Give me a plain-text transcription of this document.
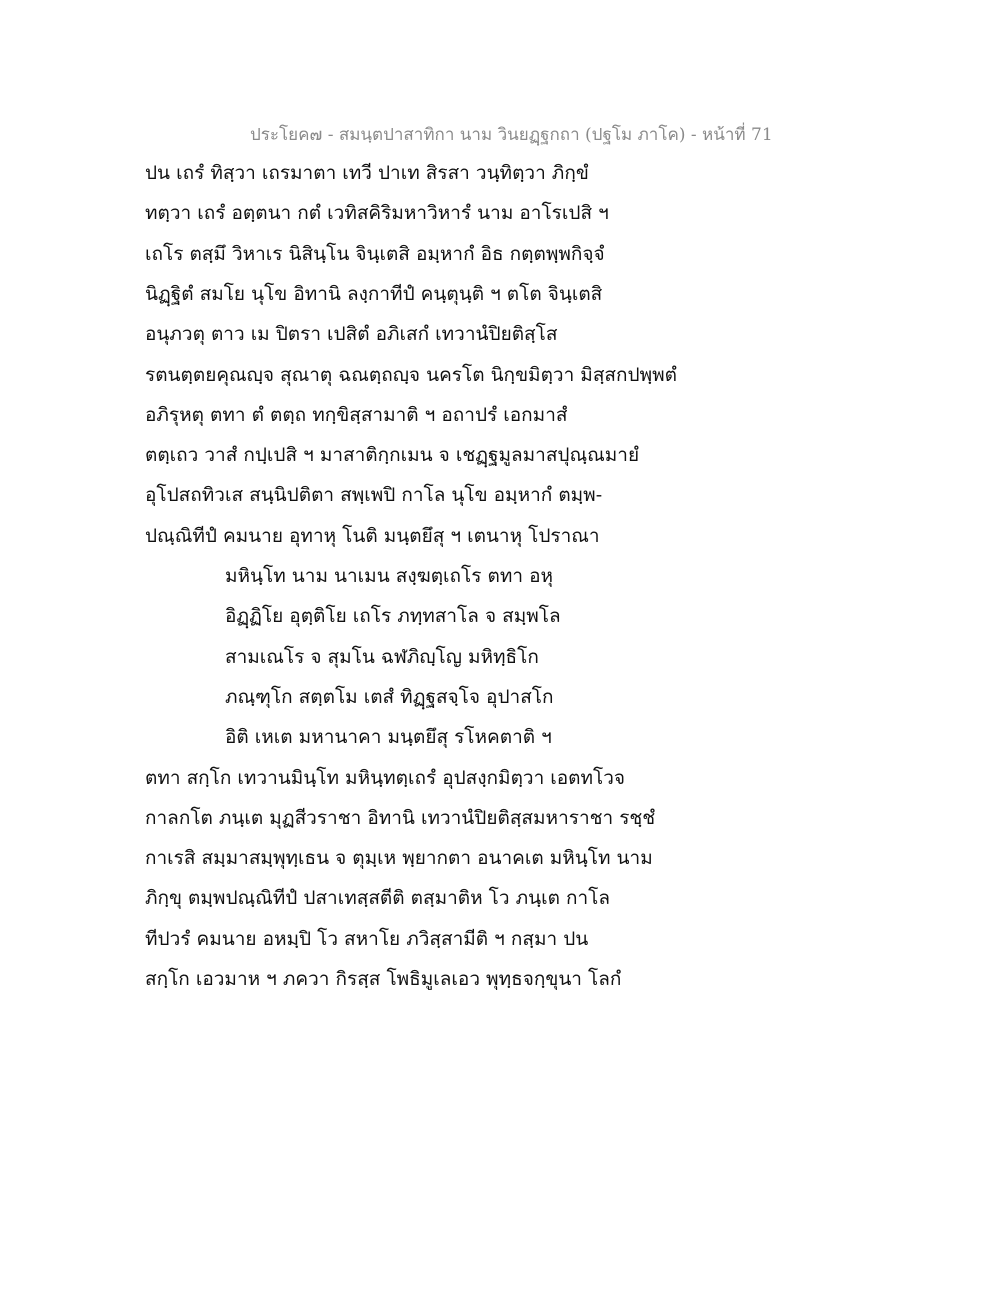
ประโยค๗ - สมนฺตปาสาทิกา นาม วินยฏฺฐกถา (ปฐโม ภาโค) - หน้าที่ 71
ปน เถรํ ทิสฺวา เถรมาตา เทวี ปาเท สิรสา วนฺทิตฺวา ภิกฺขํ
ทตฺวา เถรํ อตฺตนา กตํ เวทิสคิริมหาวิหารํ นาม อาโรเปสิ ฯ
เถโร ตสฺมึ วิหาเร นิสินฺโน จินฺเตสิ อมฺหากํ อิธ กตฺตพฺพกิจฺจํ
นิฏฺฐิตํ สมโย นุโข อิทานิ ลงฺกาทีปํ คนฺตุนฺติ ฯ ตโต จินฺเตสิ
อนุภวตุ ตาว เม ปิตรา เปสิตํ อภิเสกํ เทวานํปิยติสฺโส
รตนตฺตยคุณญฺจ สุณาตุ ฉณตฺถญฺจ นครโต นิกฺขมิตฺวา มิสฺสกปพฺพตํ
อภิรุหตุ ตทา ตํ ตตฺถ ทกฺขิสฺสามาติ ฯ อถาปรํ เอกมาสํ
ตตฺเถว วาสํ กปฺเปสิ ฯ มาสาติกฺกเมน จ เชฏฺฐมูลมาสปุณฺณมายํ
อุโปสถทิวเส สนฺนิปติตา สพฺเพปิ กาโล นุโข อมฺหากํ ตมฺพ-
ปณฺณิทีปํ คมนาย อุทาหุ โนติ มนฺตยึสุ ฯ เตนาหุ โปราณา
มหินฺโท นาม นาเมน สงฺฆตฺเถโร ตทา อหุ
อิฏฺฏิโย อุตฺติโย เถโร ภทฺทสาโล จ สมฺพโล
สามเณโร จ สุมโน ฉฬภิญฺโญ มหิทฺธิโก
ภณฺฑุโก สตฺตโม เตสํ ทิฏฺฐสจฺโจ อุปาสโก
อิติ เหเต มหานาคา มนฺตยึสุ รโหคตาติ ฯ
ตทา สกฺโก เทวานมินฺโท มหินฺทตฺเถรํ อุปสงฺกมิตฺวา เอตทโวจ
กาลกโต ภนฺเต มุฏสีวราชา อิทานิ เทวานํปิยติสฺสมหาราชา รชฺชํ
กาเรสิ สมฺมาสมฺพุทฺเธน จ ตุมฺเห พฺยากตา อนาคเต มหินฺโท นาม
ภิกฺขุ ตมฺพปณฺณิทีปํ ปสาเทสฺสตีติ ตสฺมาติห โว ภนฺเต กาโล
ทีปวรํ คมนาย อหมฺปิ โว สหาโย ภวิสฺสามีติ ฯ กสฺมา ปน
สกฺโก เอวมาห ฯ ภควา กิรสฺส โพธิมูเลเอว พุทฺธจกฺขุนา โลกํ
